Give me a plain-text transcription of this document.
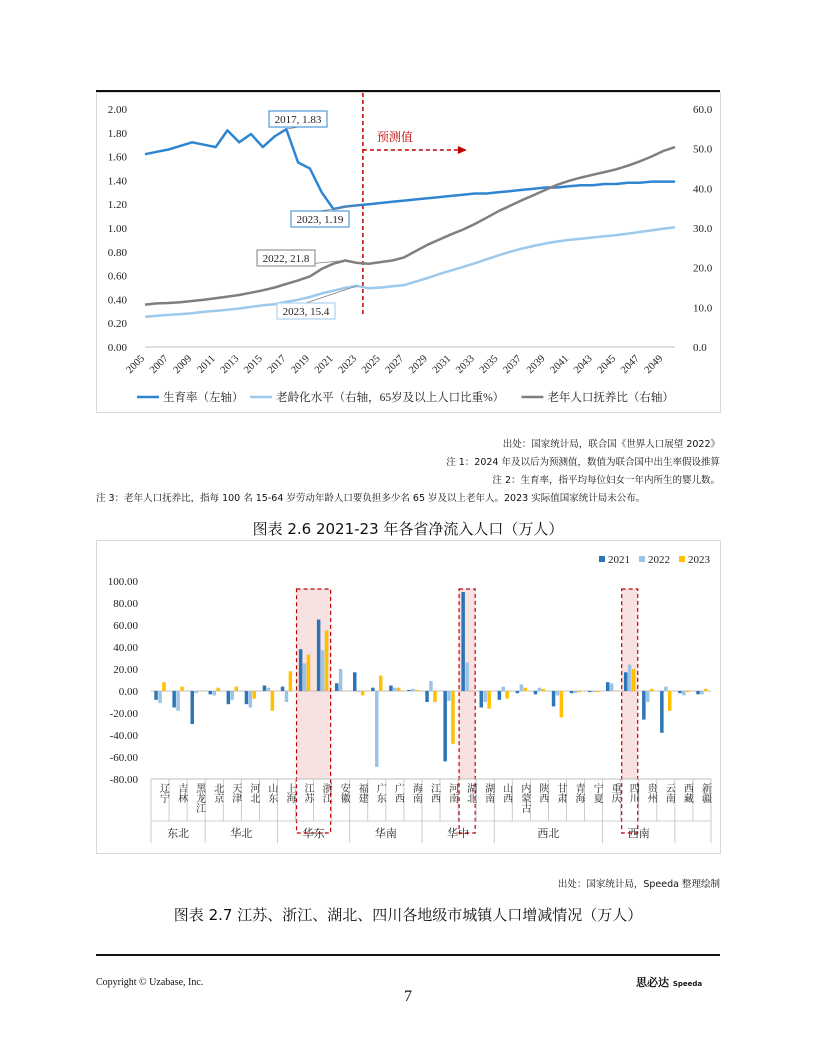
0.00
0.20
0.40
0.60
0.80
1.00
1.20
1.40
1.60
1.80
2.00
0.0
10.0
20.0
30.0
40.0
50.0
60.0
2005 2007 2009 2011 2013 2015 2017 2019 2021 2023 2025 2027 2029 2031 2033 2035 2037 2039 2041 2043 2045 2047 2049
预测值
2017, 1.83
2023, 1.19
2022, 21.8
2023, 15.4
生育率（左轴）	老龄化水平（右轴，65岁及以上人口比重%）	老年人口抚养比（右轴）
出处：国家统计局，联合国《世界人口展望 2022》
注 1：2024 年及以后为预测值，数值为联合国中出生率假设推算
注 2：生育率，指平均每位妇女一年内所生的婴儿数。
注 3：老年人口抚养比，指每 100 名 15-64 岁劳动年龄人口要负担多少名 65 岁及以上老年人。2023 实际值国家统计局未公布。
图表 2.6 2021-23 年各省净流入人口（万人）
100.00
80.00
60.00
40.00
20.00
0.00
-20.00
-40.00
-60.00
-80.00
辽宁 吉林 黑龙江 北京 天津 河北 山东 上海 江苏 浙江 安徽 福建 广东 广西 海南 江西 河南 湖北 湖南 山西 内蒙古 陕西 甘肃 青海 宁夏 重庆 四川 贵州 云南 西藏 新疆
东北	华北	华东	华南	华中	西北	西南
2021 2022 2023
出处：国家统计局，Speeda 整理绘制
图表 2.7 江苏、浙江、湖北、四川各地级市城镇人口增减情况（万人）
Copyright © Uzabase, Inc.	思必达 Speeda
7
